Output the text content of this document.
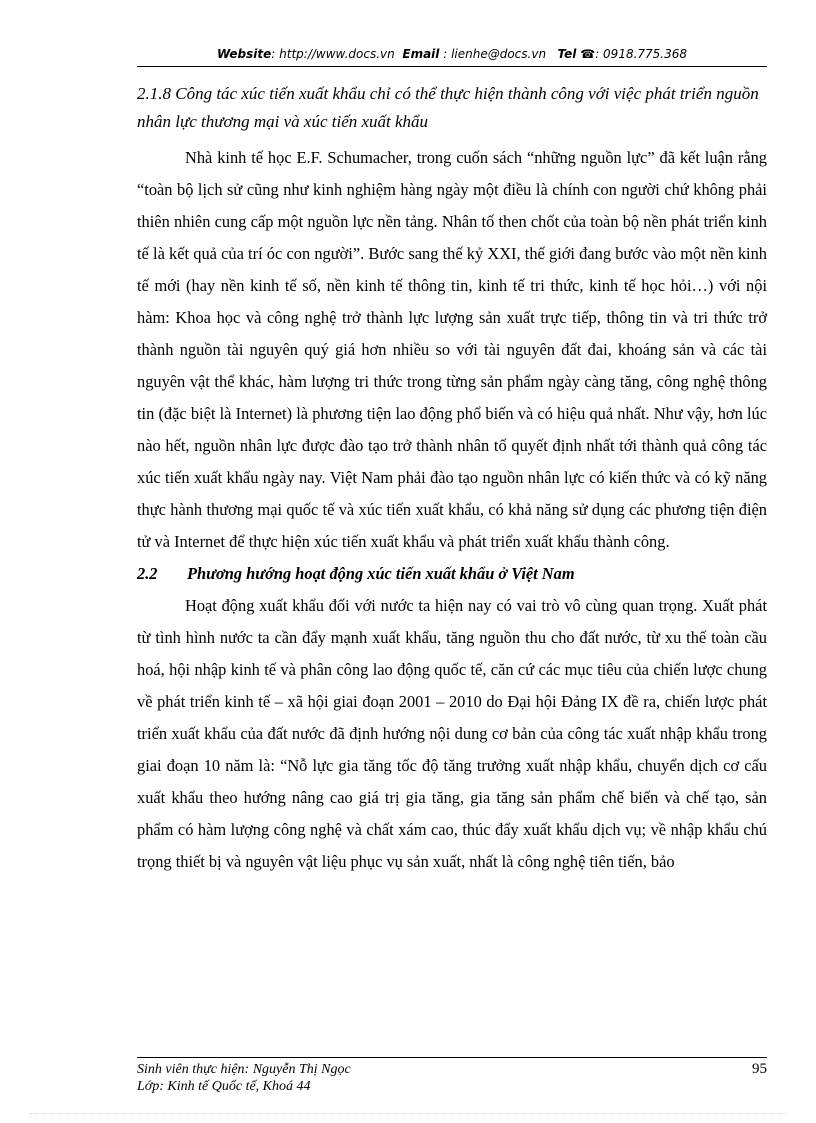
Website: http://www.docs.vn Email : lienhe@docs.vn Tel ☎: 0918.775.368

2.1.8 Công tác xúc tiến xuất khẩu chỉ có thể thực hiện thành công với việc phát triển nguồn nhân lực thương mại và xúc tiến xuất khẩu

Nhà kinh tế học E.F. Schumacher, trong cuốn sách “những nguồn lực” đã kết luận rằng “toàn bộ lịch sử cũng như kinh nghiệm hàng ngày một điều là chính con người chứ không phải thiên nhiên cung cấp một nguồn lực nền tảng. Nhân tố then chốt của toàn bộ nền phát triển kinh tế là kết quả của trí óc con người”. Bước sang thế kỷ XXI, thế giới đang bước vào một nền kinh tế mới (hay nền kinh tế số, nền kinh tế thông tin, kinh tế tri thức, kinh tế học hỏi…) với nội hàm: Khoa học và công nghệ trở thành lực lượng sản xuất trực tiếp, thông tin và tri thức trở thành nguồn tài nguyên quý giá hơn nhiều so với tài nguyên đất đai, khoáng sản và các tài nguyên vật thể khác, hàm lượng tri thức trong từng sản phẩm ngày càng tăng, công nghệ thông tin (đặc biệt là Internet) là phương tiện lao động phổ biến và có hiệu quả nhất. Như vậy, hơn lúc nào hết, nguồn nhân lực được đào tạo trở thành nhân tố quyết định nhất tới thành quả công tác xúc tiến xuất khẩu ngày nay. Việt Nam phải đào tạo nguồn nhân lực có kiến thức và có kỹ năng thực hành thương mại quốc tế và xúc tiến xuất khẩu, có khả năng sử dụng các phương tiện điện tử và Internet để thực hiện xúc tiến xuất khẩu và phát triển xuất khẩu thành công.

2.2 Phương hướng hoạt động xúc tiến xuất khẩu ở Việt Nam

Hoạt động xuất khẩu đối với nước ta hiện nay có vai trò vô cùng quan trọng. Xuất phát từ tình hình nước ta cần đẩy mạnh xuất khẩu, tăng nguồn thu cho đất nước, từ xu thế toàn cầu hoá, hội nhập kinh tế và phân công lao động quốc tế, căn cứ các mục tiêu của chiến lược chung về phát triển kinh tế – xã hội giai đoạn 2001 – 2010 do Đại hội Đảng IX đề ra, chiến lược phát triển xuất khẩu của đất nước đã định hướng nội dung cơ bản của công tác xuất nhập khẩu trong giai đoạn 10 năm là: “Nỗ lực gia tăng tốc độ tăng trưởng xuất nhập khẩu, chuyển dịch cơ cấu xuất khẩu theo hướng nâng cao giá trị gia tăng, gia tăng sản phẩm chế biến và chế tạo, sản phẩm có hàm lượng công nghệ và chất xám cao, thúc đẩy xuất khẩu dịch vụ; về nhập khẩu chú trọng thiết bị và nguyên vật liệu phục vụ sản xuất, nhất là công nghệ tiên tiến, bảo

Sinh viên thực hiện: Nguyễn Thị Ngọc	95
Lớp: Kinh tế Quốc tế, Khoá 44
